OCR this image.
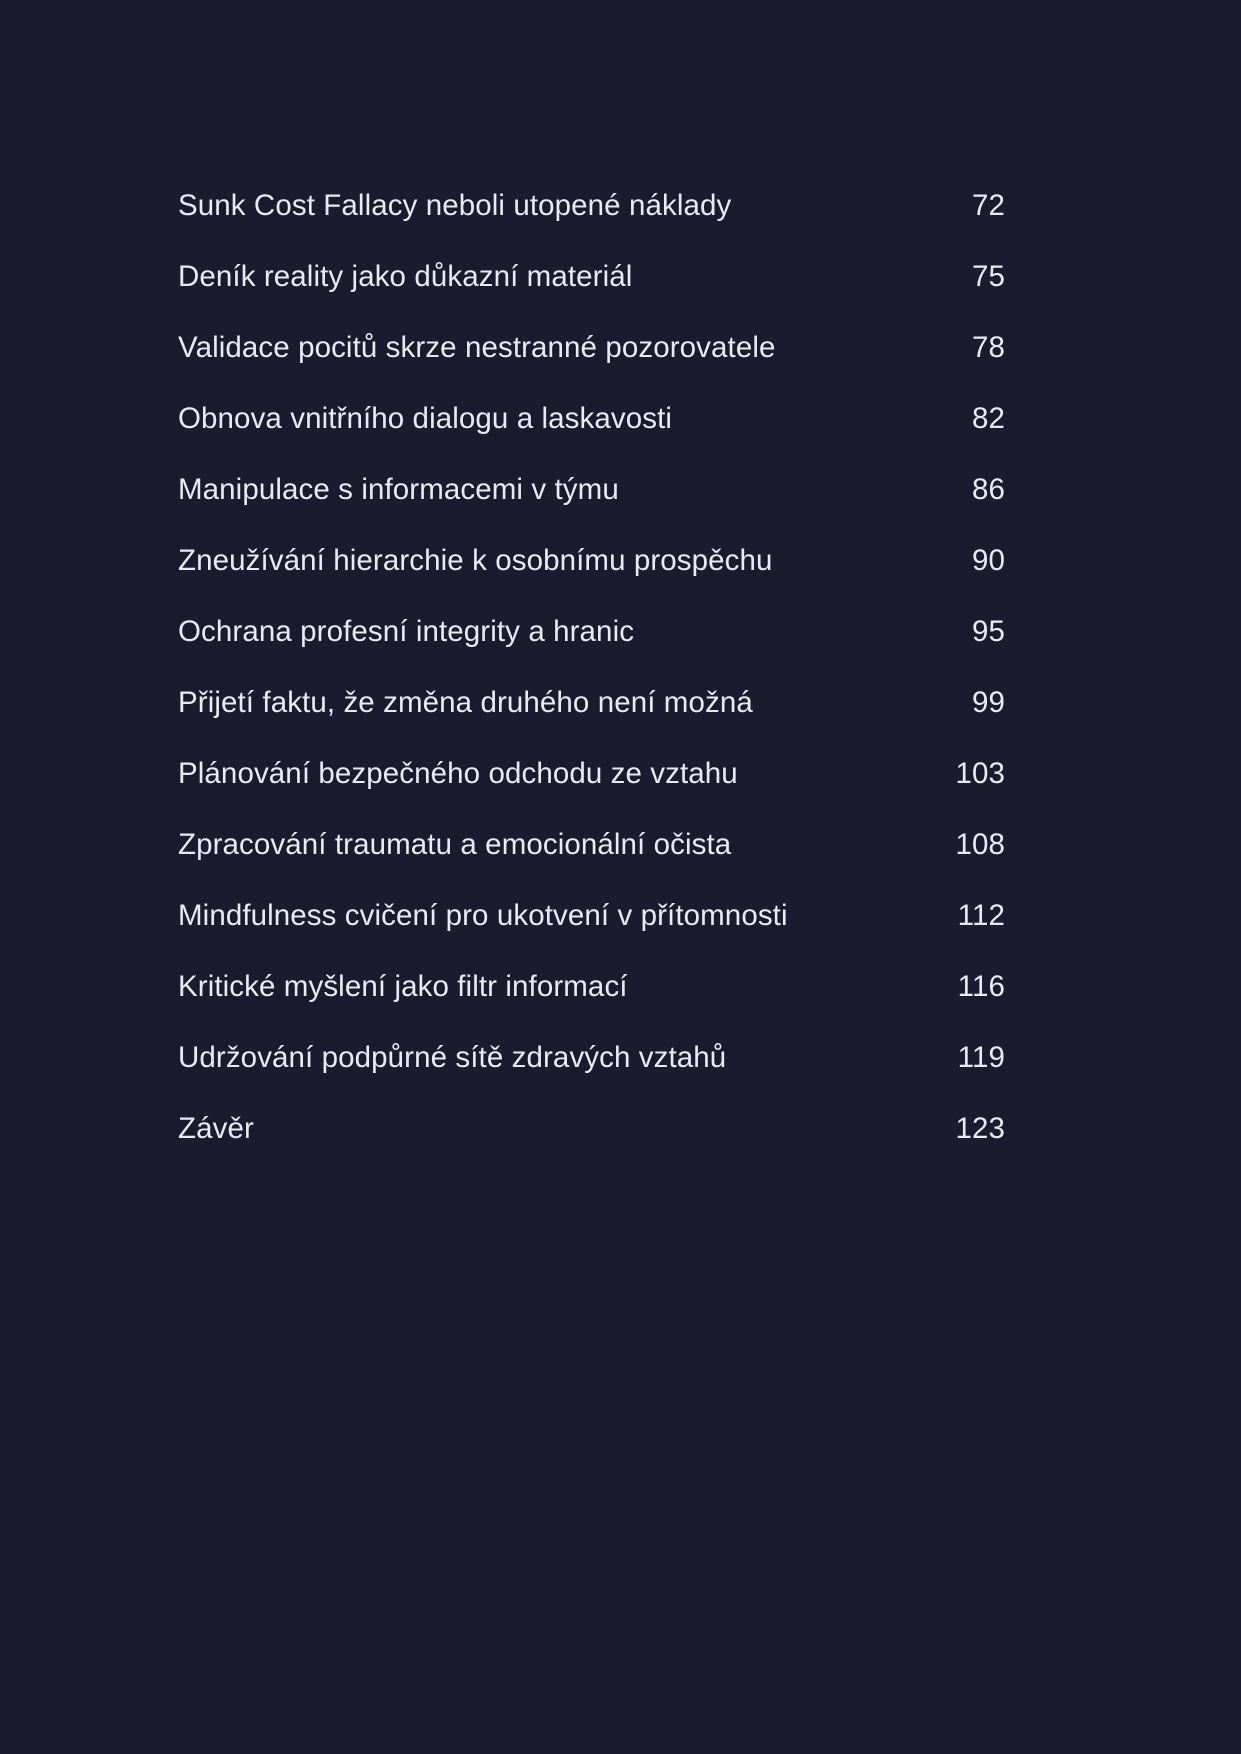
Sunk Cost Fallacy neboli utopené náklady	72
Deník reality jako důkazní materiál	75
Validace pocitů skrze nestranné pozorovatele	78
Obnova vnitřního dialogu a laskavosti	82
Manipulace s informacemi v týmu	86
Zneužívání hierarchie k osobnímu prospěchu	90
Ochrana profesní integrity a hranic	95
Přijetí faktu, že změna druhého není možná	99
Plánování bezpečného odchodu ze vztahu	103
Zpracování traumatu a emocionální očista	108
Mindfulness cvičení pro ukotvení v přítomnosti	112
Kritické myšlení jako filtr informací	116
Udržování podpůrné sítě zdravých vztahů	119
Závěr	123
